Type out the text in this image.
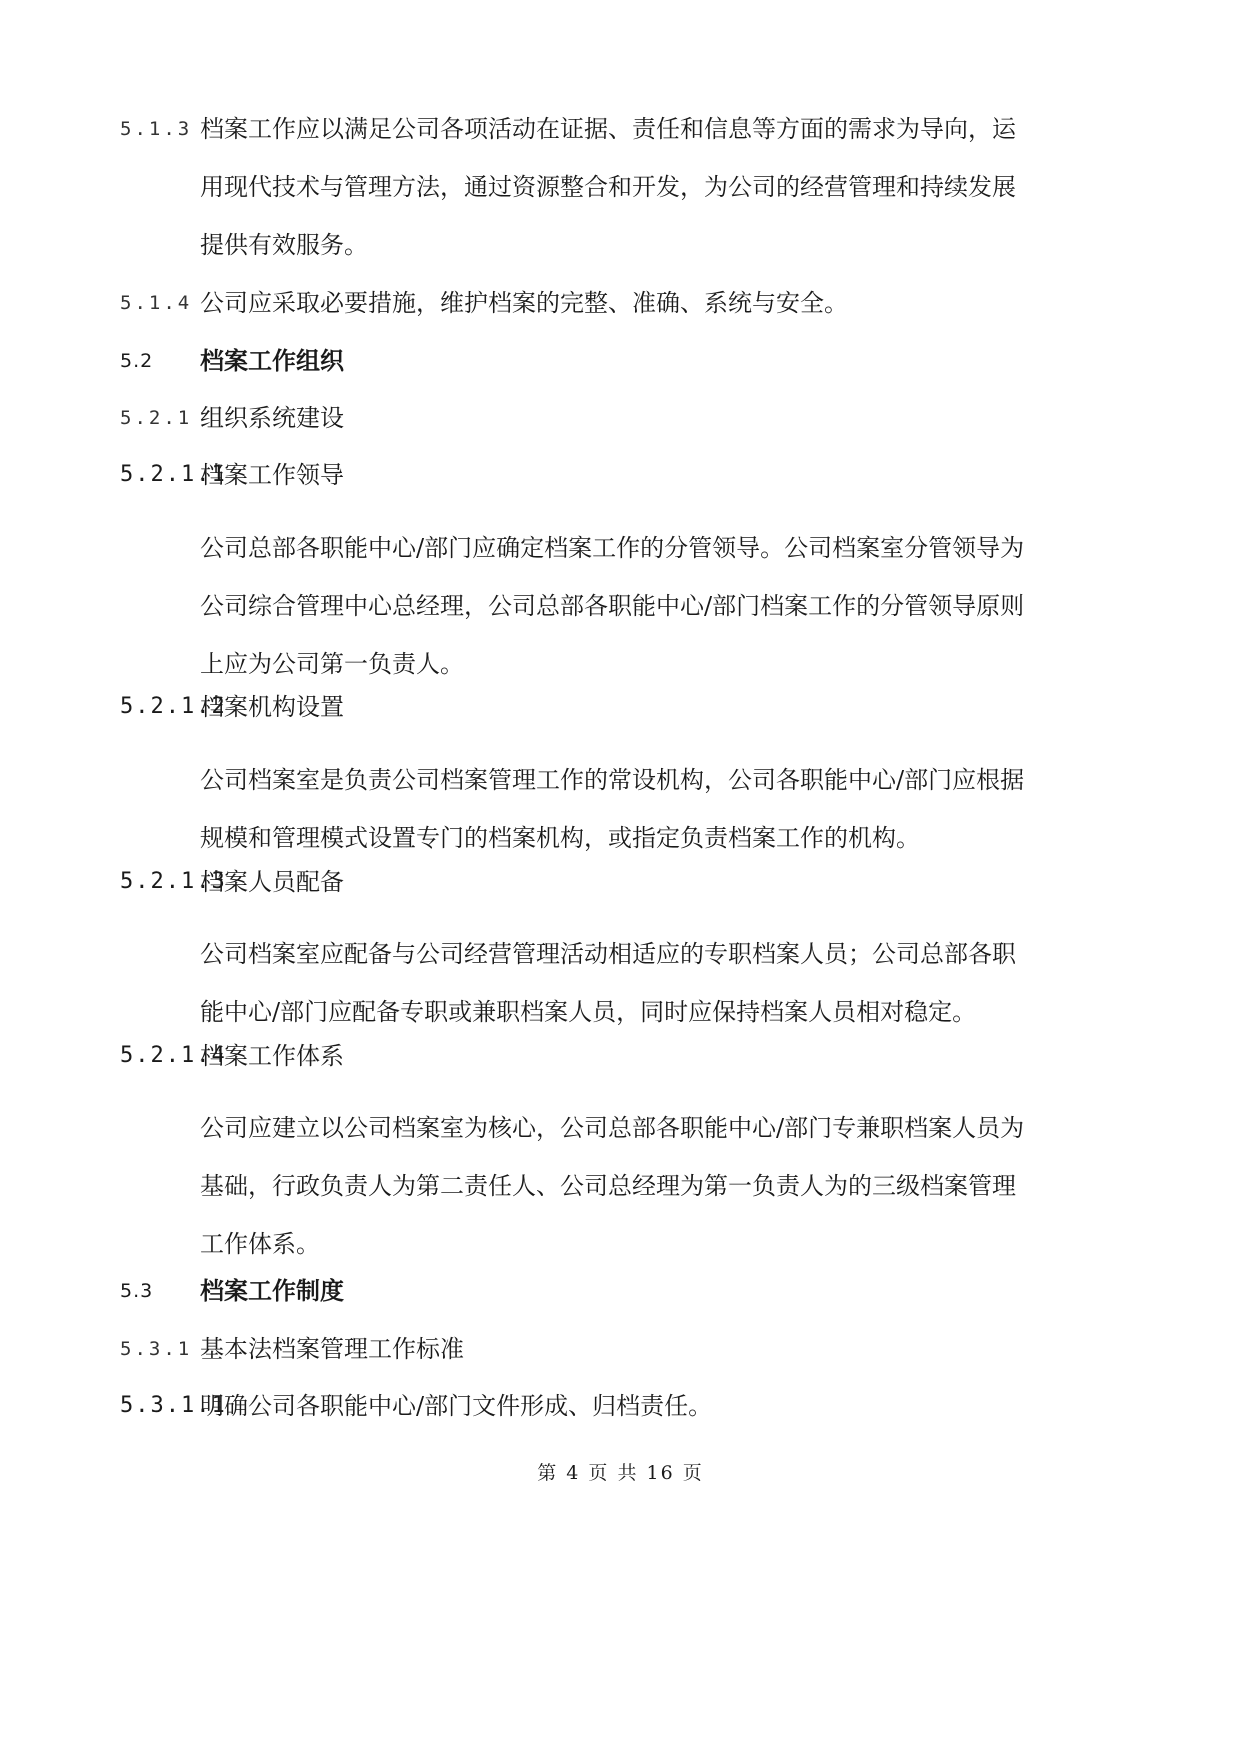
5.1.3 档案工作应以满足公司各项活动在证据、责任和信息等方面的需求为导向，运
用现代技术与管理方法，通过资源整合和开发，为公司的经营管理和持续发展
提供有效服务。
5.1.4 公司应采取必要措施，维护档案的完整、准确、系统与安全。
5.2 档案工作组织
5.2.1 组织系统建设
5.2.1.1
档案工作领导
公司总部各职能中心/部门应确定档案工作的分管领导。公司档案室分管领导为
公司综合管理中心总经理，公司总部各职能中心/部门档案工作的分管领导原则
上应为公司第一负责人。
5.2.1.2
档案机构设置
公司档案室是负责公司档案管理工作的常设机构，公司各职能中心/部门应根据
规模和管理模式设置专门的档案机构，或指定负责档案工作的机构。
5.2.1.3
档案人员配备
公司档案室应配备与公司经营管理活动相适应的专职档案人员；公司总部各职
能中心/部门应配备专职或兼职档案人员，同时应保持档案人员相对稳定。
5.2.1.4
档案工作体系
公司应建立以公司档案室为核心，公司总部各职能中心/部门专兼职档案人员为
基础，行政负责人为第二责任人、公司总经理为第一负责人为的三级档案管理
工作体系。
5.3 档案工作制度
5.3.1 基本法档案管理工作标准
5.3.1.1
明确公司各职能中心/部门文件形成、归档责任。
第 4 页 共 16 页
